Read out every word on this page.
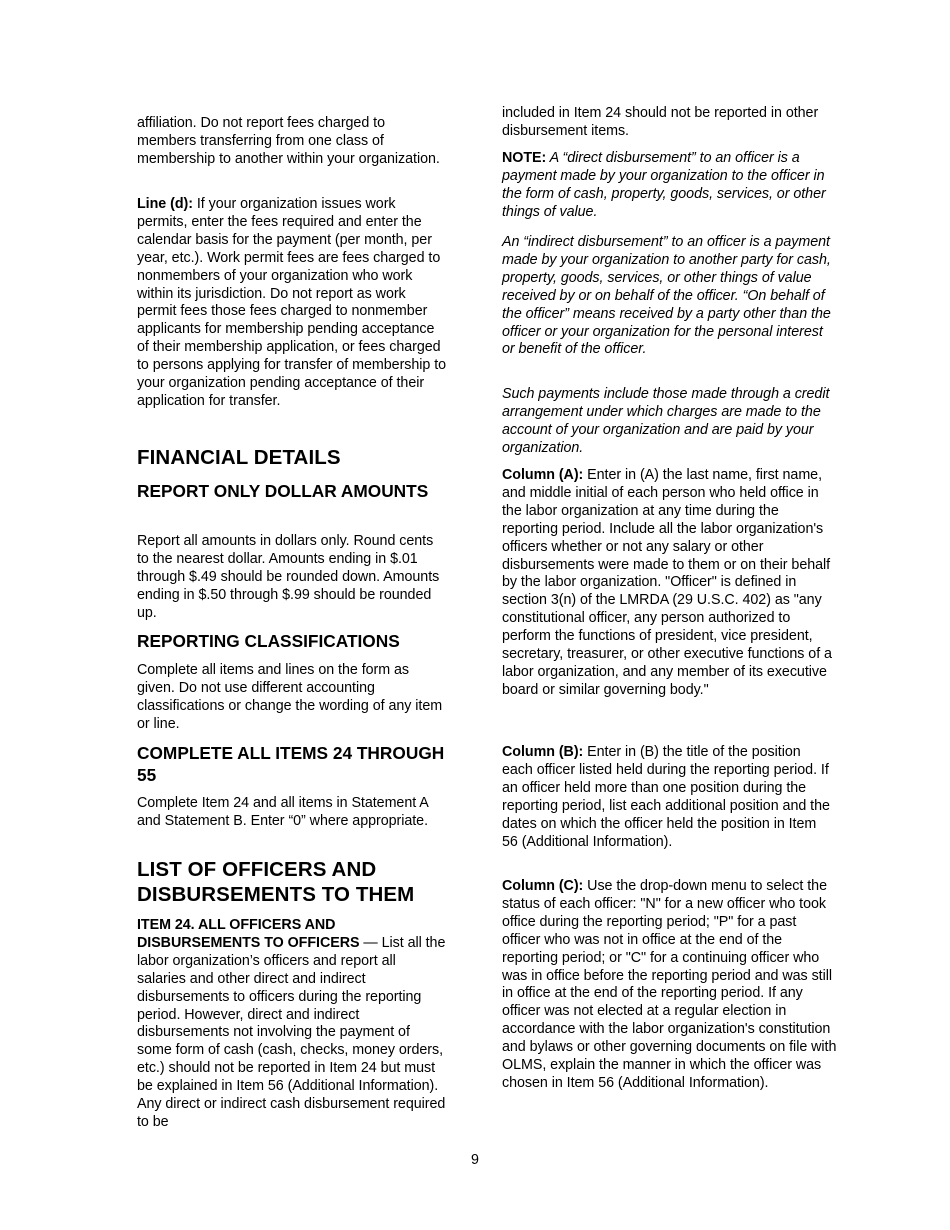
affiliation. Do not report fees charged to members transferring from one class of membership to another within your organization.

Line (d): If your organization issues work permits, enter the fees required and enter the calendar basis for the payment (per month, per year, etc.). Work permit fees are fees charged to nonmembers of your organization who work within its jurisdiction. Do not report as work permit fees those fees charged to nonmember applicants for membership pending acceptance of their membership application, or fees charged to persons applying for transfer of membership to your organization pending acceptance of their application for transfer.

FINANCIAL DETAILS
REPORT ONLY DOLLAR AMOUNTS

Report all amounts in dollars only. Round cents to the nearest dollar. Amounts ending in $.01 through $.49 should be rounded down. Amounts ending in $.50 through $.99 should be rounded up.

REPORTING CLASSIFICATIONS

Complete all items and lines on the form as given. Do not use different accounting classifications or change the wording of any item or line.

COMPLETE ALL ITEMS 24 THROUGH 55

Complete Item 24 and all items in Statement A and Statement B. Enter “0” where appropriate.

LIST OF OFFICERS AND DISBURSEMENTS TO THEM

ITEM 24. ALL OFFICERS AND DISBURSEMENTS TO OFFICERS — List all the labor organization’s officers and report all salaries and other direct and indirect disbursements to officers during the reporting period. However, direct and indirect disbursements not involving the payment of some form of cash (cash, checks, money orders, etc.) should not be reported in Item 24 but must be explained in Item 56 (Additional Information). Any direct or indirect cash disbursement required to be

included in Item 24 should not be reported in other disbursement items.

NOTE: A “direct disbursement” to an officer is a payment made by your organization to the officer in the form of cash, property, goods, services, or other things of value.

An “indirect disbursement” to an officer is a payment made by your organization to another party for cash, property, goods, services, or other things of value received by or on behalf of the officer. “On behalf of the officer” means received by a party other than the officer or your organization for the personal interest or benefit of the officer.

Such payments include those made through a credit arrangement under which charges are made to the account of your organization and are paid by your organization.

Column (A): Enter in (A) the last name, first name, and middle initial of each person who held office in the labor organization at any time during the reporting period. Include all the labor organization's officers whether or not any salary or other disbursements were made to them or on their behalf by the labor organization. "Officer" is defined in section 3(n) of the LMRDA (29 U.S.C. 402) as "any constitutional officer, any person authorized to perform the functions of president, vice president, secretary, treasurer, or other executive functions of a labor organization, and any member of its executive board or similar governing body."

Column (B): Enter in (B) the title of the position each officer listed held during the reporting period. If an officer held more than one position during the reporting period, list each additional position and the dates on which the officer held the position in Item 56 (Additional Information).

Column (C): Use the drop-down menu to select the status of each officer: "N" for a new officer who took office during the reporting period; "P" for a past officer who was not in office at the end of the reporting period; or "C" for a continuing officer who was in office before the reporting period and was still in office at the end of the reporting period. If any officer was not elected at a regular election in accordance with the labor organization's constitution and bylaws or other governing documents on file with OLMS, explain the manner in which the officer was chosen in Item 56 (Additional Information).

9
